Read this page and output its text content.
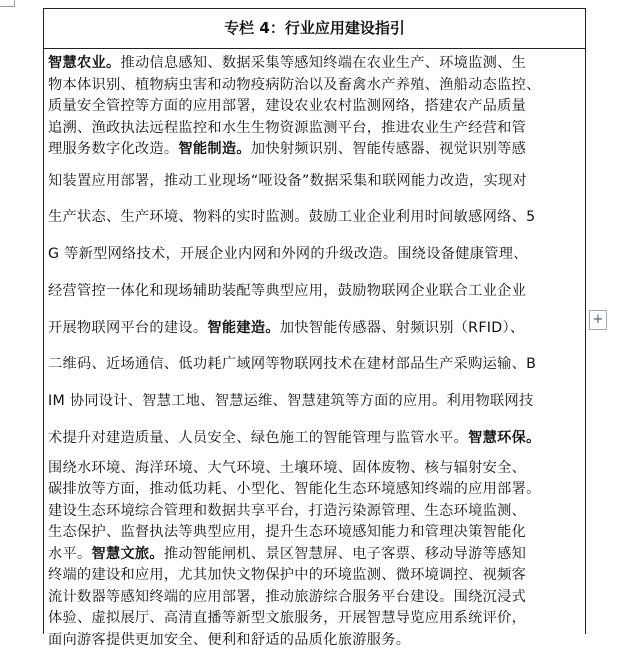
+
专栏 4：行业应用建设指引

智慧农业。推动信息感知、数据采集等感知终端在农业生产、环境监测、生

物本体识别、植物病虫害和动物疫病防治以及畜禽水产养殖、渔船动态监控、

质量安全管控等方面的应用部署，建设农业农村监测网络，搭建农产品质量

追溯、渔政执法远程监控和水生生物资源监测平台，推进农业生产经营和管

理服务数字化改造。智能制造。加快射频识别、智能传感器、视觉识别等感

知装置应用部署，推动工业现场“哑设备”数据采集和联网能力改造，实现对

生产状态、生产环境、物料的实时监测。鼓励工业企业利用时间敏感网络、5

G 等新型网络技术，开展企业内网和外网的升级改造。围绕设备健康管理、

经营管控一体化和现场辅助装配等典型应用，鼓励物联网企业联合工业企业

开展物联网平台的建设。智能建造。加快智能传感器、射频识别（RFID）、

二维码、近场通信、低功耗广域网等物联网技术在建材部品生产采购运输、B

IM 协同设计、智慧工地、智慧运维、智慧建筑等方面的应用。利用物联网技

术提升对建造质量、人员安全、绿色施工的智能管理与监管水平。智慧环保。

围绕水环境、海洋环境、大气环境、土壤环境、固体废物、核与辐射安全、

碳排放等方面，推动低功耗、小型化、智能化生态环境感知终端的应用部署。

建设生态环境综合管理和数据共享平台，打造污染源管理、生态环境监测、

生态保护、监督执法等典型应用，提升生态环境感知能力和管理决策智能化

水平。智慧文旅。推动智能闸机、景区智慧屏、电子客票、移动导游等感知

终端的建设和应用，尤其加快文物保护中的环境监测、微环境调控、视频客

流计数器等感知终端的应用部署，推动旅游综合服务平台建设。围绕沉浸式

体验、虚拟展厅、高清直播等新型文旅服务，开展智慧导览应用系统评价，

面向游客提供更加安全、便利和舒适的品质化旅游服务。
